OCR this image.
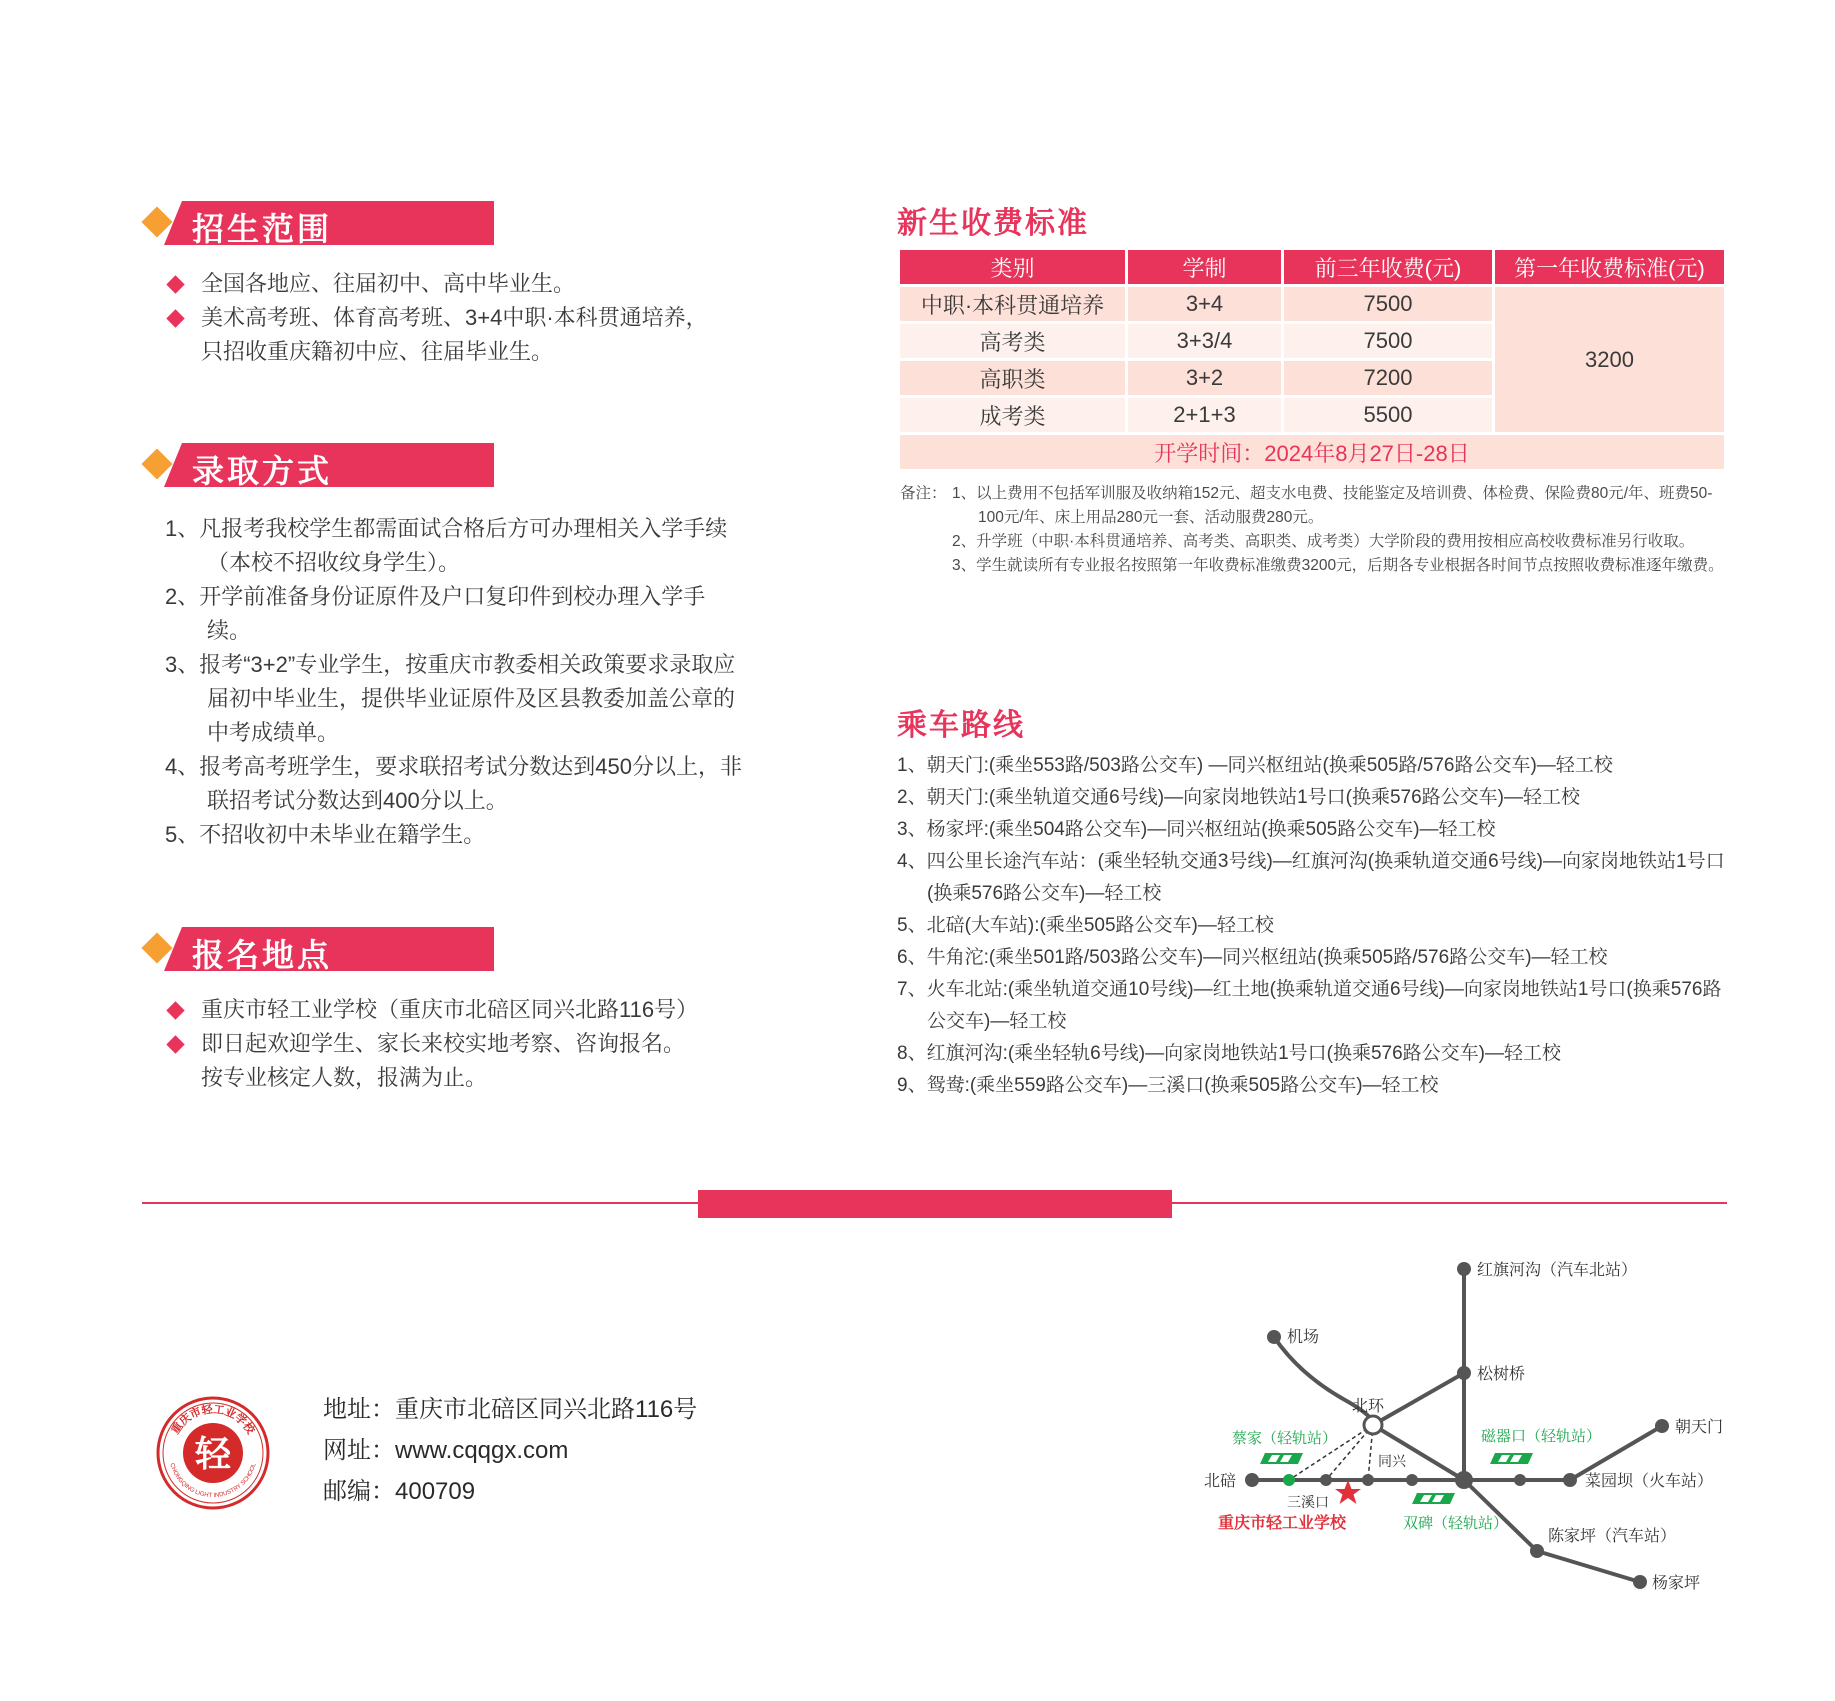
招生范围
全国各地应、往届初中、高中毕业生。
美术高考班、体育高考班、3+4中职·本科贯通培养，
只招收重庆籍初中应、往届毕业生。
录取方式
1、凡报考我校学生都需面试合格后方可办理相关入学手续（本校不招收纹身学生）。
2、开学前准备身份证原件及户口复印件到校办理入学手续。
3、报考“3+2”专业学生，按重庆市教委相关政策要求录取应届初中毕业生，提供毕业证原件及区县教委加盖公章的中考成绩单。
4、报考高考班学生，要求联招考试分数达到450分以上，非联招考试分数达到400分以上。
5、不招收初中未毕业在籍学生。
报名地点
重庆市轻工业学校（重庆市北碚区同兴北路116号）
即日起欢迎学生、家长来校实地考察、咨询报名。
按专业核定人数，报满为止。
新生收费标准
类别	学制	前三年收费(元)	第一年收费标准(元)
中职·本科贯通培养	3+4	7500	3200
高考类	3+3/4	7500	
高职类	3+2	7200	
成考类	2+1+3	5500	
开学时间：2024年8月27日-28日			
备注： 1、以上费用不包括军训服及收纳箱152元、超支水电费、技能鉴定及培训费、体检费、保险费80元/年、班费50-100元/年、床上用品280元一套、活动服费280元。
2、升学班（中职·本科贯通培养、高考类、高职类、成考类）大学阶段的费用按相应高校收费标准另行收取。
3、学生就读所有专业报名按照第一年收费标准缴费3200元，后期各专业根据各时间节点按照收费标准逐年缴费。
乘车路线
1、朝天门:(乘坐553路/503路公交车) —同兴枢纽站(换乘505路/576路公交车)—轻工校
2、朝天门:(乘坐轨道交通6号线)—向家岗地铁站1号口(换乘576路公交车)—轻工校
3、杨家坪:(乘坐504路公交车)—同兴枢纽站(换乘505路公交车)—轻工校
4、四公里长途汽车站：(乘坐轻轨交通3号线)—红旗河沟(换乘轨道交通6号线)—向家岗地铁站1号口(换乘576路公交车)—轻工校
5、北碚(大车站):(乘坐505路公交车)—轻工校
6、牛角沱:(乘坐501路/503路公交车)—同兴枢纽站(换乘505路/576路公交车)—轻工校
7、火车北站:(乘坐轨道交通10号线)—红土地(换乘轨道交通6号线)—向家岗地铁站1号口(换乘576路公交车)—轻工校
8、红旗河沟:(乘坐轻轨6号线)—向家岗地铁站1号口(换乘576路公交车)—轻工校
9、鸳鸯:(乘坐559路公交车)—三溪口(换乘505路公交车)—轻工校
重庆市轻工业学校
CHONGQING LIGHT INDUSTRY SCHOOL
轻
地址：重庆市北碚区同兴北路116号
网址：www.cqqgx.com
邮编：400709
红旗河沟（汽车北站）
机场
松树桥
北环
朝天门
北碚
同兴
三溪口
菜园坝（火车站）
陈家坪（汽车站）
杨家坪
蔡家（轻轨站）	磁器口（轻轨站）
双碑（轻轨站）
重庆市轻工业学校
